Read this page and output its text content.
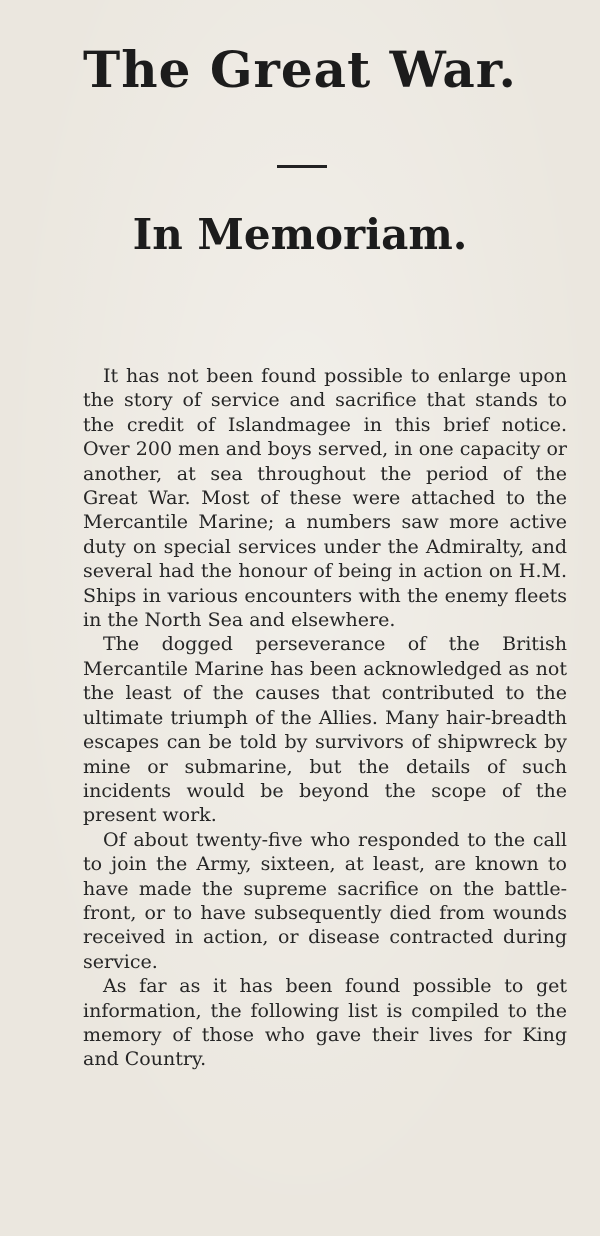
The Great War.
In Memoriam.

It has not been found possible to enlarge upon the story of service and sacrifice that stands to the credit of Islandmagee in this brief notice. Over 200 men and boys served, in one capacity or another, at sea throughout the period of the Great War. Most of these were attached to the Mercantile Marine; a numbers saw more active duty on special services under the Admiralty, and several had the honour of being in action on H.M. Ships in various encounters with the enemy fleets in the North Sea and elsewhere.

The dogged perseverance of the British Mercantile Marine has been acknowledged as not the least of the causes that contributed to the ultimate triumph of the Allies. Many hair-breadth escapes can be told by survivors of shipwreck by mine or submarine, but the details of such incidents would be beyond the scope of the present work.

Of about twenty-five who responded to the call to join the Army, sixteen, at least, are known to have made the supreme sacrifice on the battle-front, or to have subsequently died from wounds received in action, or disease contracted during service.

As far as it has been found possible to get information, the following list is compiled to the memory of those who gave their lives for King and Country.
